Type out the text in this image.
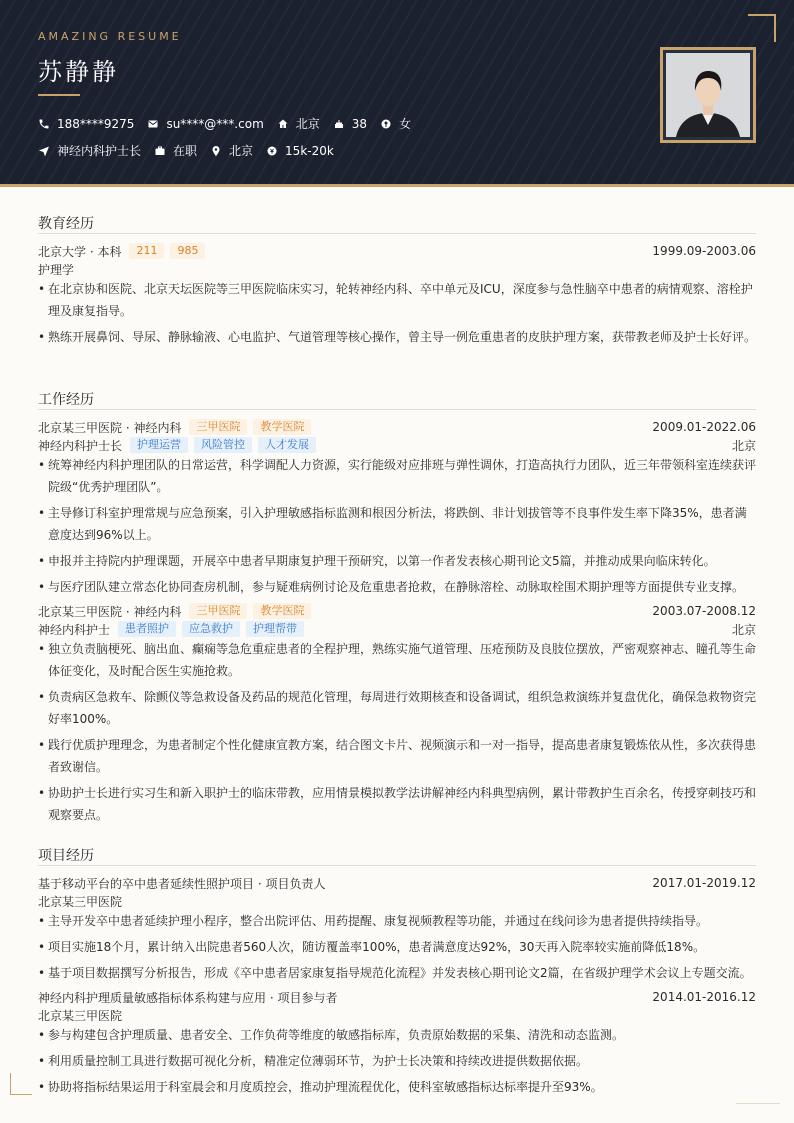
AMAZING RESUME
苏静静
188****9275	su****@***.com	北京	38	女
神经内科护士长	在职	北京	15k-20k
教育经历
北京大学 · 本科	211	985	1999.09-2003.06
护理学
• 在北京协和医院、北京天坛医院等三甲医院临床实习，轮转神经内科、卒中单元及ICU，深度参与急性脑卒中患者的病情观察、溶栓护理及康复指导。
• 熟练开展鼻饲、导尿、静脉输液、心电监护、气道管理等核心操作，曾主导一例危重患者的皮肤护理方案，获带教老师及护士长好评。
工作经历
北京某三甲医院 · 神经内科	三甲医院	教学医院	2009.01-2022.06
神经内科护士长	护理运营	风险管控	人才发展	北京
• 统筹神经内科护理团队的日常运营，科学调配人力资源，实行能级对应排班与弹性调休，打造高执行力团队，近三年带领科室连续获评院级“优秀护理团队”。
• 主导修订科室护理常规与应急预案，引入护理敏感指标监测和根因分析法，将跌倒、非计划拔管等不良事件发生率下降35%，患者满意度达到96%以上。
• 申报并主持院内护理课题，开展卒中患者早期康复护理干预研究，以第一作者发表核心期刊论文5篇，并推动成果向临床转化。
• 与医疗团队建立常态化协同查房机制，参与疑难病例讨论及危重患者抢救，在静脉溶栓、动脉取栓围术期护理等方面提供专业支撑。
北京某三甲医院 · 神经内科	三甲医院	教学医院	2003.07-2008.12
神经内科护士	患者照护	应急救护	护理帮带	北京
• 独立负责脑梗死、脑出血、癫痫等急危重症患者的全程护理，熟练实施气道管理、压疮预防及良肢位摆放，严密观察神志、瞳孔等生命体征变化，及时配合医生实施抢救。
• 负责病区急救车、除颤仪等急救设备及药品的规范化管理，每周进行效期核查和设备调试，组织急救演练并复盘优化，确保急救物资完好率100%。
• 践行优质护理理念，为患者制定个性化健康宣教方案，结合图文卡片、视频演示和一对一指导，提高患者康复锻炼依从性，多次获得患者致谢信。
• 协助护士长进行实习生和新入职护士的临床带教，应用情景模拟教学法讲解神经内科典型病例，累计带教护生百余名，传授穿刺技巧和观察要点。
项目经历
基于移动平台的卒中患者延续性照护项目 · 项目负责人	2017.01-2019.12
北京某三甲医院
• 主导开发卒中患者延续护理小程序，整合出院评估、用药提醒、康复视频教程等功能，并通过在线问诊为患者提供持续指导。
• 项目实施18个月，累计纳入出院患者560人次，随访覆盖率100%，患者满意度达92%，30天再入院率较实施前降低18%。
• 基于项目数据撰写分析报告，形成《卒中患者居家康复指导规范化流程》并发表核心期刊论文2篇，在省级护理学术会议上专题交流。
神经内科护理质量敏感指标体系构建与应用 · 项目参与者	2014.01-2016.12
北京某三甲医院
• 参与构建包含护理质量、患者安全、工作负荷等维度的敏感指标库，负责原始数据的采集、清洗和动态监测。
• 利用质量控制工具进行数据可视化分析，精准定位薄弱环节，为护士长决策和持续改进提供数据依据。
• 协助将指标结果运用于科室晨会和月度质控会，推动护理流程优化，使科室敏感指标达标率提升至93%。
